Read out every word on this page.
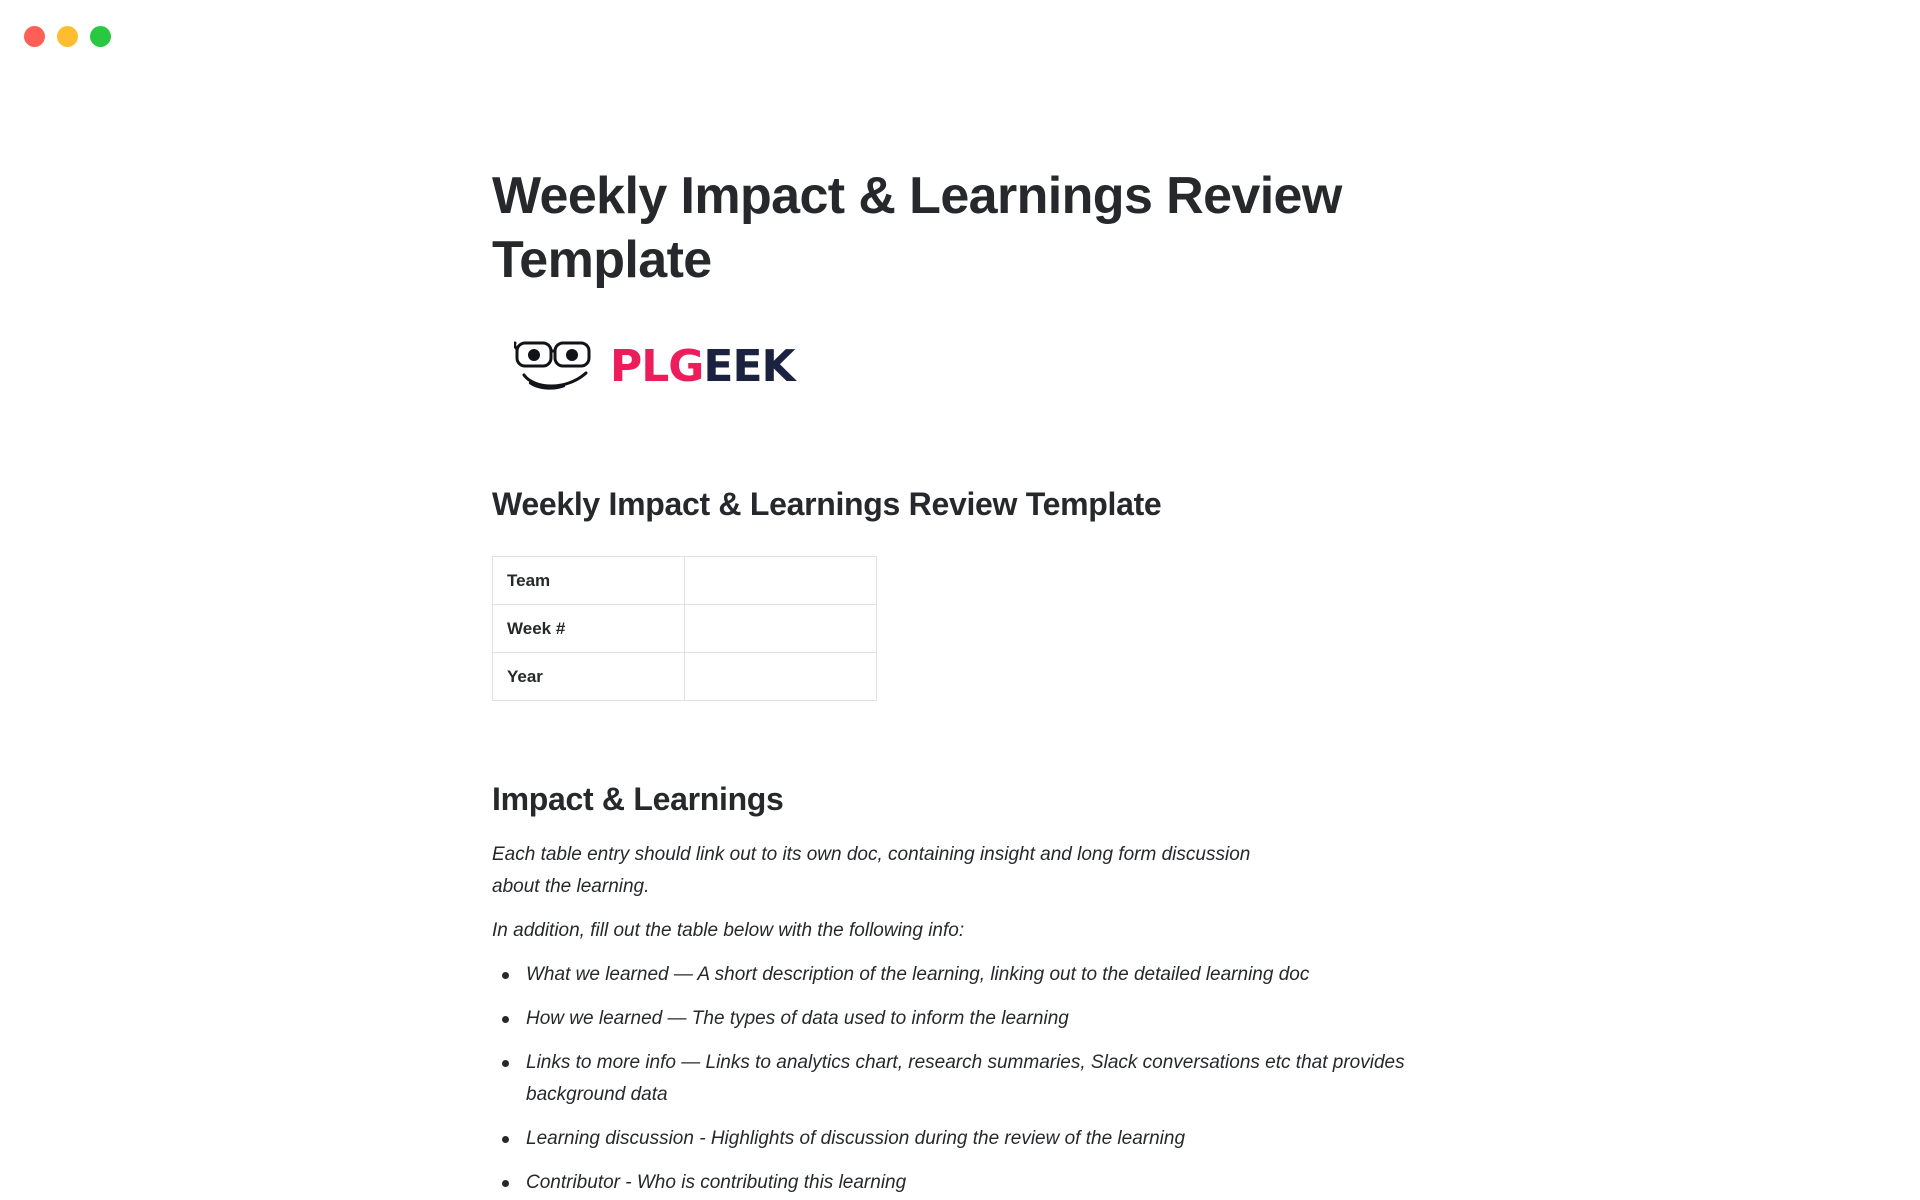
Weekly Impact & Learnings Review Template
PLG EEK
Weekly Impact & Learnings Review Template
Team	
Week #	
Year	
Impact & Learnings

Each table entry should link out to its own doc, containing insight and long form discussion about the learning.

In addition, fill out the table below with the following info:

What we learned — A short description of the learning, linking out to the detailed learning doc
How we learned — The types of data used to inform the learning
Links to more info — Links to analytics chart, research summaries, Slack conversations etc that provides background data
Learning discussion - Highlights of discussion during the review of the learning
Contributor - Who is contributing this learning
